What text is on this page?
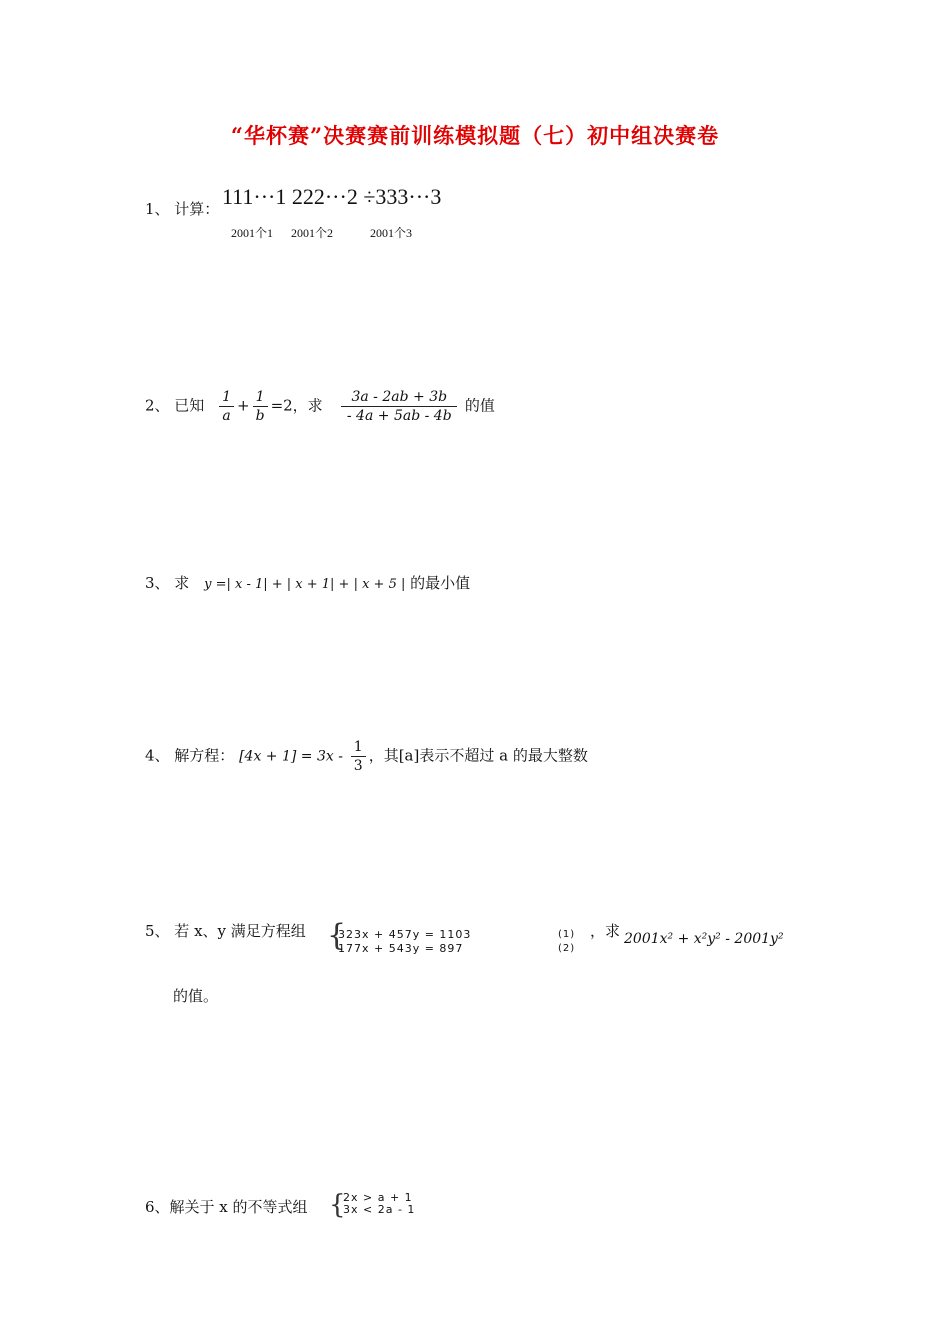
“华杯赛”决赛赛前训练模拟题（七）初中组决赛卷
1、 计算： 111···1 222···2 ÷333···3
2001个1 2001个2	2001个3
2、 已知 $\frac{1}{a} + \frac{1}{b} =2$，求 $\frac{3a - 2ab + 3b}{- 4a + 5ab - 4b}$ 的值
3、 求 y =| x - 1| + | x + 1| + | x + 5 | 的最小值
4、 解方程： $[4x + 1] = 3x - \frac{1}{3}$ ，其[a]表示不超过 a 的最大整数
5、 若 x、y 满足方程组 {
323x + 457y = 1103
177x + 543y = 897
(1)
(2)
，求 2001x² + x²y² - 2001y²
的值。
6、解关于 x 的不等式组 {
2x > a + 1
3x < 2a - 1
